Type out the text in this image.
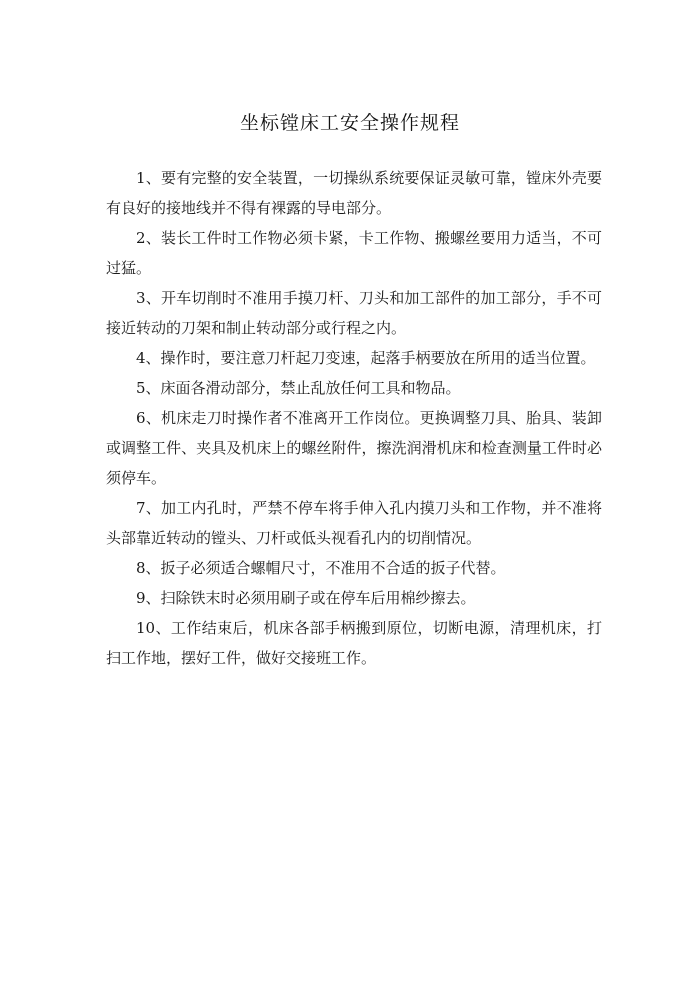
坐标镗床工安全操作规程
1、要有完整的安全装置，一切操纵系统要保证灵敏可靠，镗床外壳要有良好的接地线并不得有裸露的导电部分。
2、装长工件时工作物必须卡紧，卡工作物、搬螺丝要用力适当，不可过猛。
3、开车切削时不准用手摸刀杆、刀头和加工部件的加工部分，手不可接近转动的刀架和制止转动部分或行程之内。
4、操作时，要注意刀杆起刀变速，起落手柄要放在所用的适当位置。
5、床面各滑动部分，禁止乱放任何工具和物品。
6、机床走刀时操作者不准离开工作岗位。更换调整刀具、胎具、装卸或调整工件、夹具及机床上的螺丝附件，擦洗润滑机床和检查测量工件时必须停车。
7、加工内孔时，严禁不停车将手伸入孔内摸刀头和工作物，并不准将头部靠近转动的镗头、刀杆或低头视看孔内的切削情况。
8、扳子必须适合螺帽尺寸，不准用不合适的扳子代替。
9、扫除铁末时必须用刷子或在停车后用棉纱擦去。
10、工作结束后，机床各部手柄搬到原位，切断电源，清理机床，打扫工作地，摆好工件，做好交接班工作。
